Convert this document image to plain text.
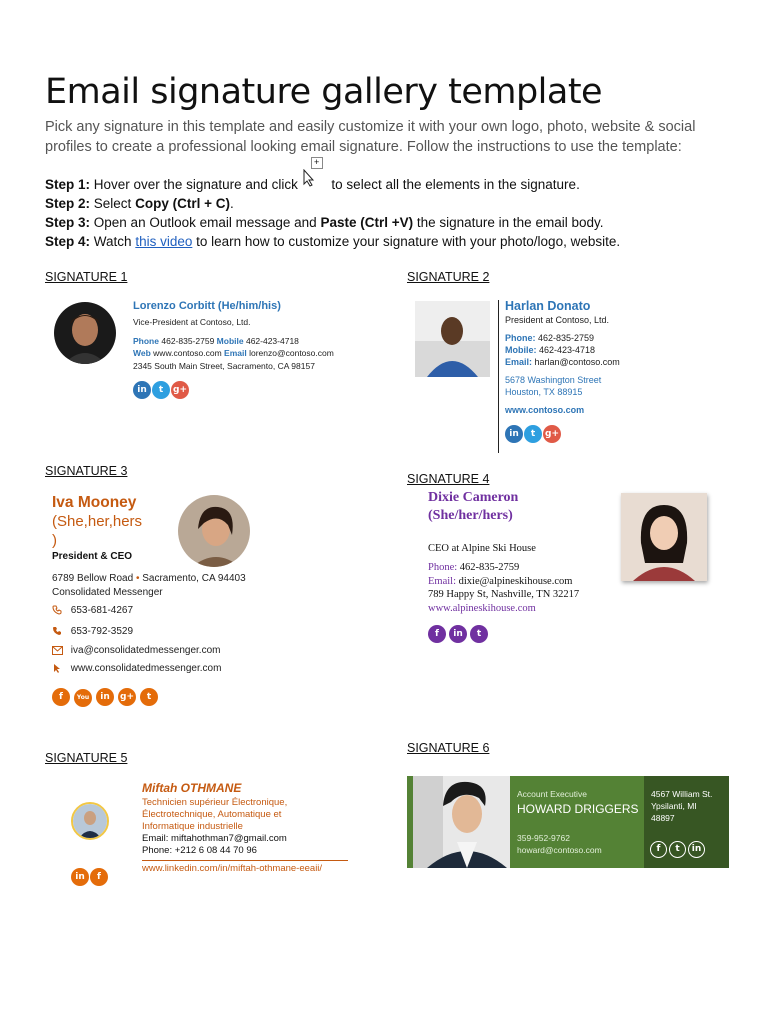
Email signature gallery template
Pick any signature in this template and easily customize it with your own logo, photo, website & social profiles to create a professional looking email signature. Follow the instructions to use the template:
Step 1: Hover over the signature and click
+
to select all the elements in the signature.
Step 2: Select Copy (Ctrl + C).
Step 3: Open an Outlook email message and Paste (Ctrl +V) the signature in the email body.
Step 4: Watch this video to learn how to customize your signature with your photo/logo, website.
SIGNATURE 1
Lorenzo Corbitt (He/him/his)
Vice-President at Contoso, Ltd.
Phone 462-835-2759 Mobile 462-423-4718
Web www.contoso.com Email lorenzo@contoso.com
2345 South Main Street, Sacramento, CA 98157
in t g+
SIGNATURE 2
Harlan Donato
President at Contoso, Ltd.
Phone: 462-835-2759
Mobile: 462-423-4718
Email: harlan@contoso.com
5678 Washington Street
Houston, TX 88915
www.contoso.com
in t g+
SIGNATURE 3
Iva Mooney
(She,her,hers
)
President & CEO
6789 Bellow Road • Sacramento, CA 94403
Consolidated Messenger
653-681-4267
653-792-3529
iva@consolidatedmessenger.com
www.consolidatedmessenger.com
f You in g+ t
SIGNATURE 4
Dixie Cameron
(She/her/hers)
CEO at Alpine Ski House
Phone: 462-835-2759
Email: dixie@alpineskihouse.com
789 Happy St, Nashville, TN 32217
www.alpineskihouse.com
f in t
SIGNATURE 5
Miftah OTHMANE
Technicien supérieur Électronique,
Électrotechnique, Automatique et
Informatique industrielle
Email: miftahothman7@gmail.com
Phone: +212 6 08 44 70 96
www.linkedin.com/in/miftah-othmane-eeaii/
in f
SIGNATURE 6
Account Executive
HOWARD DRIGGERS
359-952-9762
howard@contoso.com
4567 William St.
Ypsilanti, MI
48897
f t in
